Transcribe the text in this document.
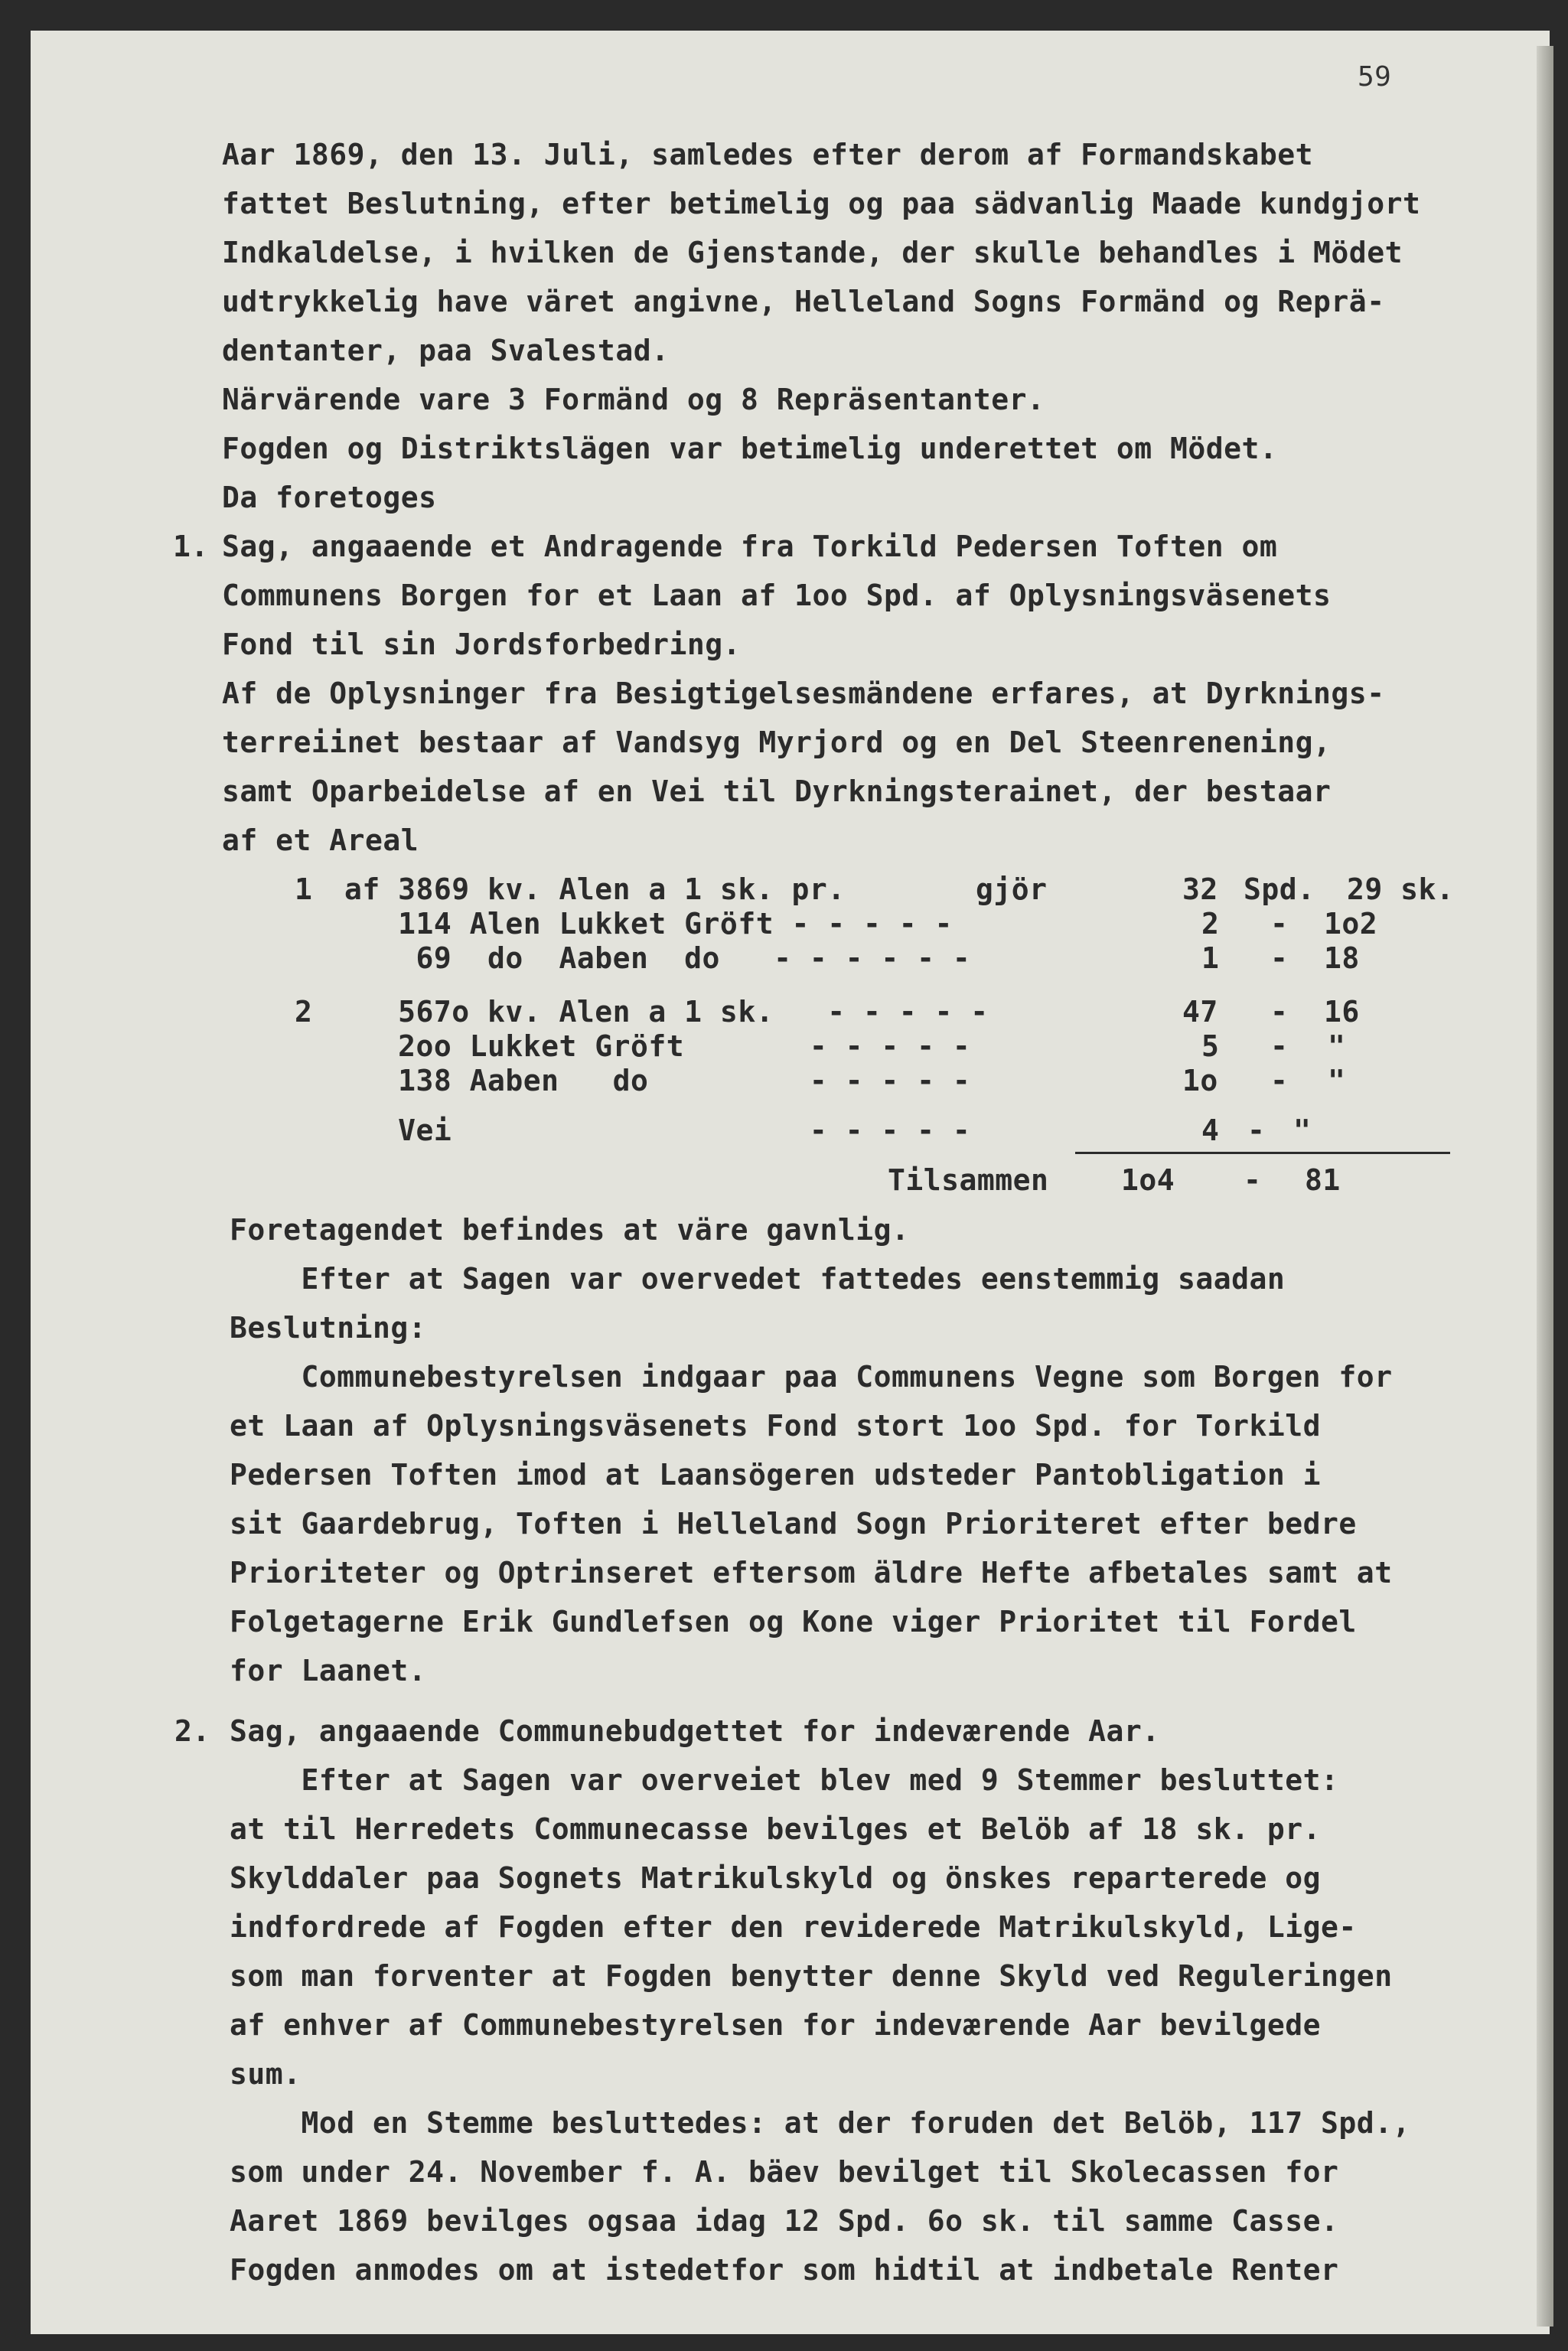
59
Aar 1869, den 13. Juli, samledes efter derom af Formandskabet
fattet Beslutning, efter betimelig og paa sädvanlig Maade kundgjort
Indkaldelse, i hvilken de Gjenstande, der skulle behandles i Mödet
udtrykkelig have väret angivne, Helleland Sogns Formänd og Reprä-
dentanter, paa Svalestad.
Närvärende vare 3 Formänd og 8 Repräsentanter.
Fogden og Distriktslägen var betimelig underettet om Mödet.
Da foretoges
1. Sag, angaaende et Andragende fra Torkild Pedersen Toften om
Communens Borgen for et Laan af 1oo Spd. af Oplysningsväsenets
Fond til sin Jordsforbedring.
Af de Oplysninger fra Besigtigelsesmändene erfares, at Dyrknings-
terreiinet bestaar af Vandsyg Myrjord og en Del Steenrenening,
samt Oparbeidelse af en Vei til Dyrkningsterainet, der bestaar
af et Areal
1 af 3869 kv. Alen a 1 sk. pr.	gjör	32 Spd. 29 sk.
114 Alen Lukket Gröft - - - - -	2 - 1o2
69  do  Aaben  do   - - - - - -	1 - 18
2 567o kv. Alen a 1 sk.   - - - - -	47 - 16
2oo Lukket Gröft       - - - - -	5 - "
138 Aaben   do         - - - - -	1o - "
Vei                    - - - - -	4 - "
Tilsammen 1o4 - 81
Foretagendet befindes at väre gavnlig.
Efter at Sagen var overvedet fattedes eenstemmig saadan
Beslutning:
Communebestyrelsen indgaar paa Communens Vegne som Borgen for
et Laan af Oplysningsväsenets Fond stort 1oo Spd. for Torkild
Pedersen Toften imod at Laansögeren udsteder Pantobligation i
sit Gaardebrug, Toften i Helleland Sogn Prioriteret efter bedre
Prioriteter og Optrinseret eftersom äldre Hefte afbetales samt at
Folgetagerne Erik Gundlefsen og Kone viger Prioritet til Fordel
for Laanet.
2. Sag, angaaende Communebudgettet for indeværende Aar.
Efter at Sagen var overveiet blev med 9 Stemmer besluttet:
at til Herredets Communecasse bevilges et Belöb af 18 sk. pr.
Skylddaler paa Sognets Matrikulskyld og önskes reparterede og
indfordrede af Fogden efter den reviderede Matrikulskyld, Lige-
som man forventer at Fogden benytter denne Skyld ved Reguleringen
af enhver af Communebestyrelsen for indeværende Aar bevilgede
sum.
Mod en Stemme besluttedes: at der foruden det Belöb, 117 Spd.,
som under 24. November f. A. bäev bevilget til Skolecassen for
Aaret 1869 bevilges ogsaa idag 12 Spd. 6o sk. til samme Casse.
Fogden anmodes om at istedetfor som hidtil at indbetale Renter
